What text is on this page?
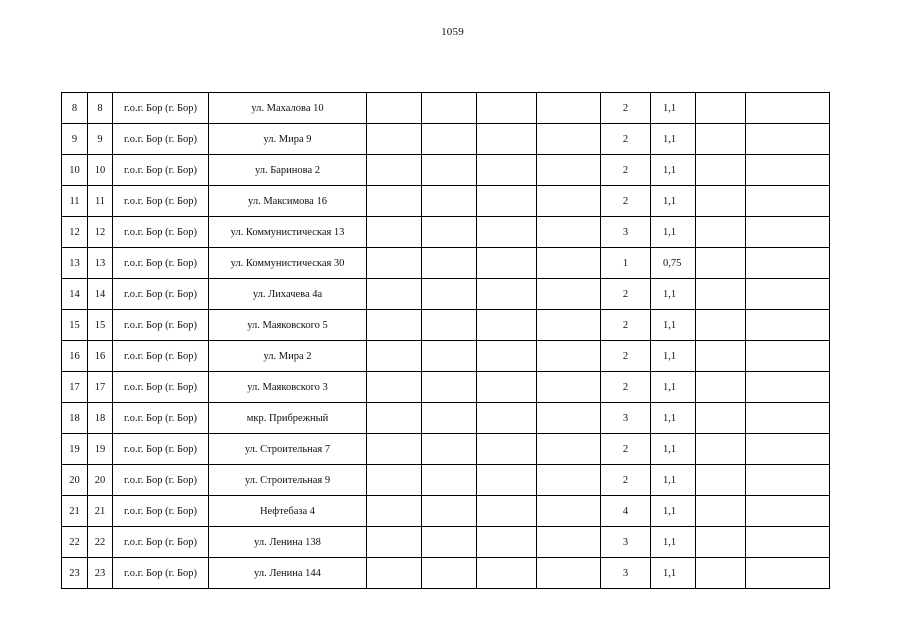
1059
8	8	г.о.г. Бор (г. Бор)	ул. Махалова 10					2	1,1		
9	9	г.о.г. Бор (г. Бор)	ул. Мира 9					2	1,1		
10	10	г.о.г. Бор (г. Бор)	ул. Баринова 2					2	1,1		
11	11	г.о.г. Бор (г. Бор)	ул. Максимова 16					2	1,1		
12	12	г.о.г. Бор (г. Бор)	ул. Коммунистическая 13					3	1,1		
13	13	г.о.г. Бор (г. Бор)	ул. Коммунистическая 30					1	0,75		
14	14	г.о.г. Бор (г. Бор)	ул. Лихачева 4а					2	1,1		
15	15	г.о.г. Бор (г. Бор)	ул. Маяковского 5					2	1,1		
16	16	г.о.г. Бор (г. Бор)	ул. Мира 2					2	1,1		
17	17	г.о.г. Бор (г. Бор)	ул. Маяковского 3					2	1,1		
18	18	г.о.г. Бор (г. Бор)	мкр. Прибрежный					3	1,1		
19	19	г.о.г. Бор (г. Бор)	ул. Строительная 7					2	1,1		
20	20	г.о.г. Бор (г. Бор)	ул. Строительная 9					2	1,1		
21	21	г.о.г. Бор (г. Бор)	Нефтебаза 4					4	1,1		
22	22	г.о.г. Бор (г. Бор)	ул. Ленина 138					3	1,1		
23	23	г.о.г. Бор (г. Бор)	ул. Ленина 144					3	1,1		
